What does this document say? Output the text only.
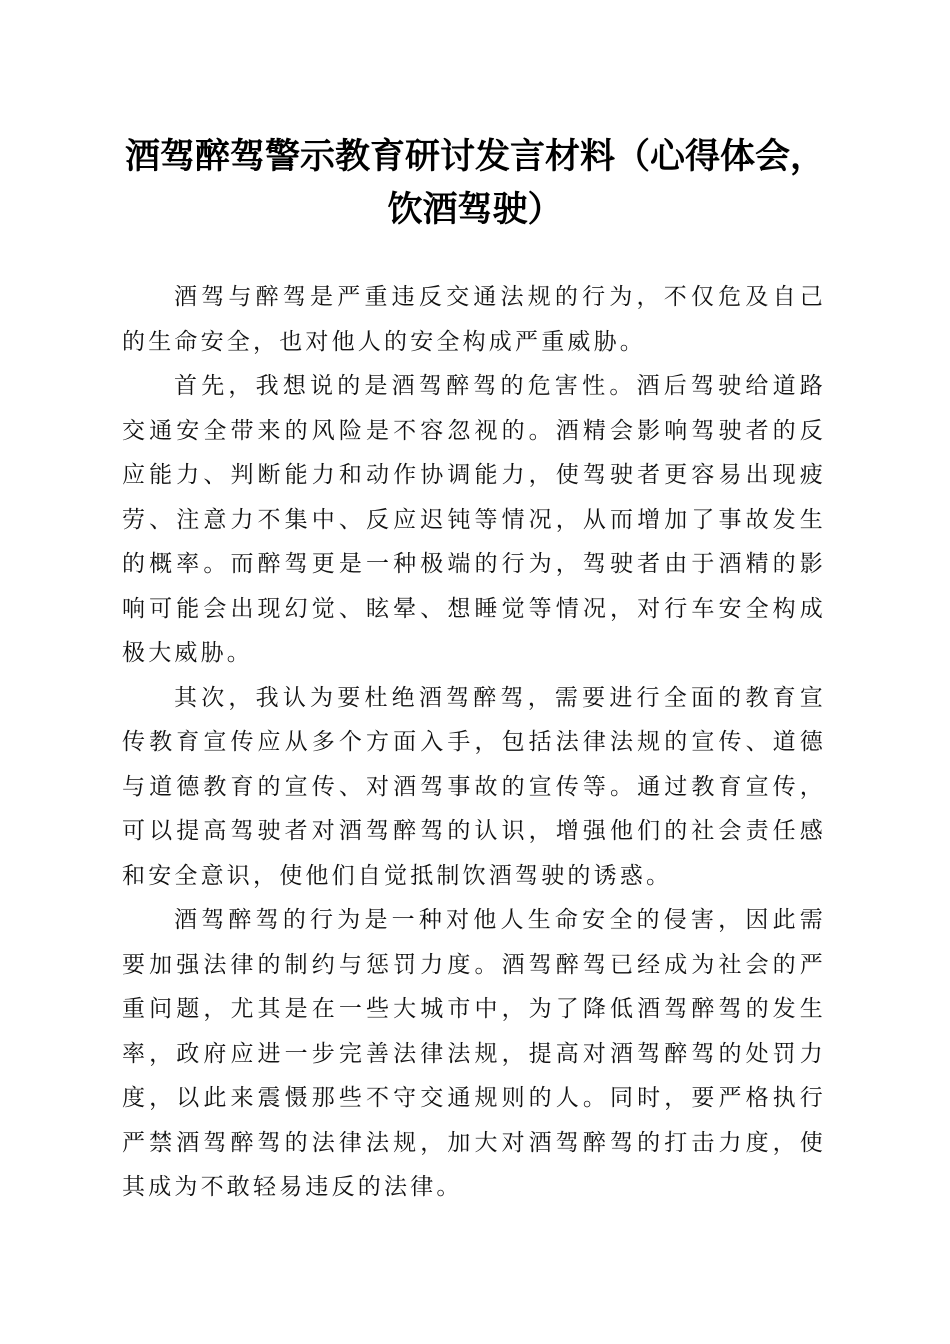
酒驾醉驾警示教育研讨发言材料（心得体会，
饮酒驾驶）

酒驾与醉驾是严重违反交通法规的行为，不仅危及自己的生命安全，也对他人的安全构成严重威胁。

首先，我想说的是酒驾醉驾的危害性。酒后驾驶给道路交通安全带来的风险是不容忽视的。酒精会影响驾驶者的反应能力、判断能力和动作协调能力，使驾驶者更容易出现疲劳、注意力不集中、反应迟钝等情况，从而增加了事故发生的概率。而醉驾更是一种极端的行为，驾驶者由于酒精的影响可能会出现幻觉、眩晕、想睡觉等情况，对行车安全构成极大威胁。

其次，我认为要杜绝酒驾醉驾，需要进行全面的教育宣传教育宣传应从多个方面入手，包括法律法规的宣传、道德与道德教育的宣传、对酒驾事故的宣传等。通过教育宣传，可以提高驾驶者对酒驾醉驾的认识，增强他们的社会责任感和安全意识，使他们自觉抵制饮酒驾驶的诱惑。

酒驾醉驾的行为是一种对他人生命安全的侵害，因此需要加强法律的制约与惩罚力度。酒驾醉驾已经成为社会的严重问题，尤其是在一些大城市中，为了降低酒驾醉驾的发生率，政府应进一步完善法律法规，提高对酒驾醉驾的处罚力度，以此来震慑那些不守交通规则的人。同时，要严格执行严禁酒驾醉驾的法律法规，加大对酒驾醉驾的打击力度，使其成为不敢轻易违反的法律。
